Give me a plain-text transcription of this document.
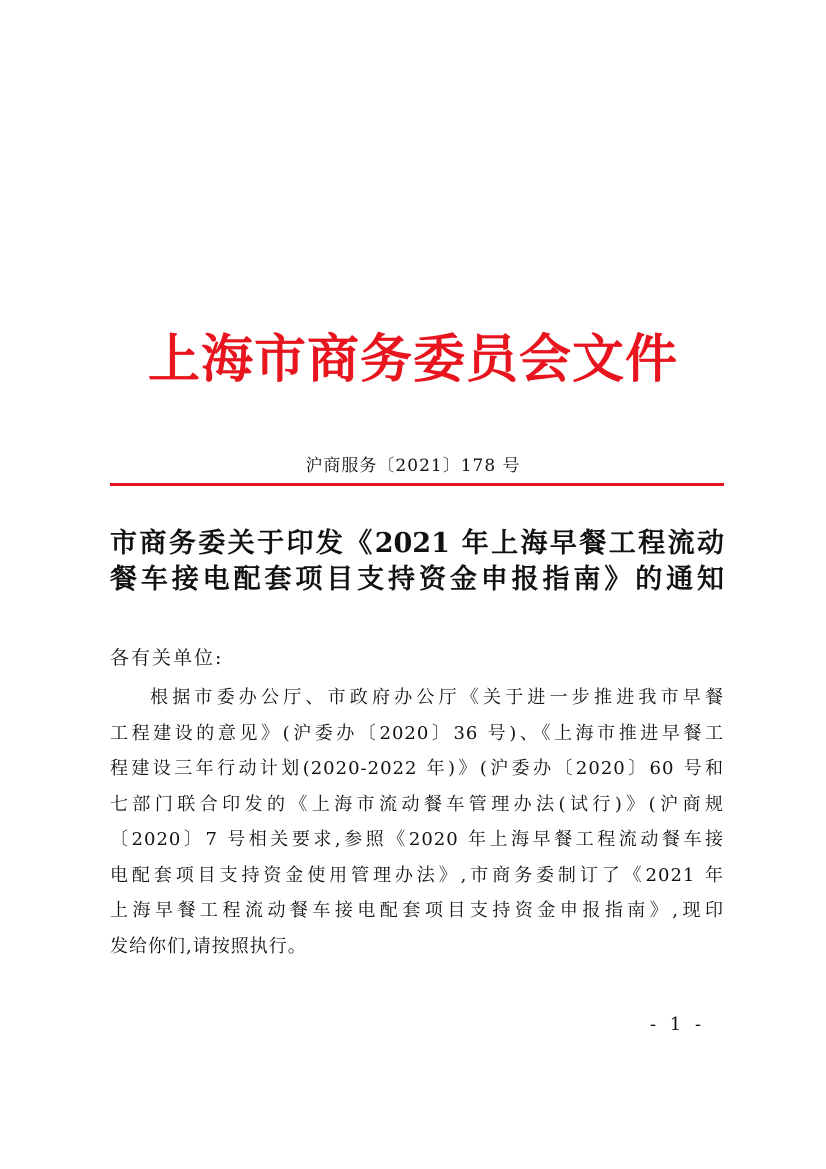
上海市商务委员会文件
沪商服务〔2021〕178 号
市商务委关于印发《2021 年上海早餐工程流动
餐车接电配套项目支持资金申报指南》的通知
各有关单位:
根据市委办公厅、市政府办公厅《关于进一步推进我市早餐
工程建设的意见》(沪委办〔2020〕36 号)、《上海市推进早餐工
程建设三年行动计划(2020-2022 年)》(沪委办〔2020〕60 号和
七部门联合印发的《上海市流动餐车管理办法(试行)》(沪商规
〔2020〕7 号相关要求,参照《2020 年上海早餐工程流动餐车接
电配套项目支持资金使用管理办法》,市商务委制订了《2021 年
上海早餐工程流动餐车接电配套项目支持资金申报指南》,现印
发给你们,请按照执行。
- 1 -
